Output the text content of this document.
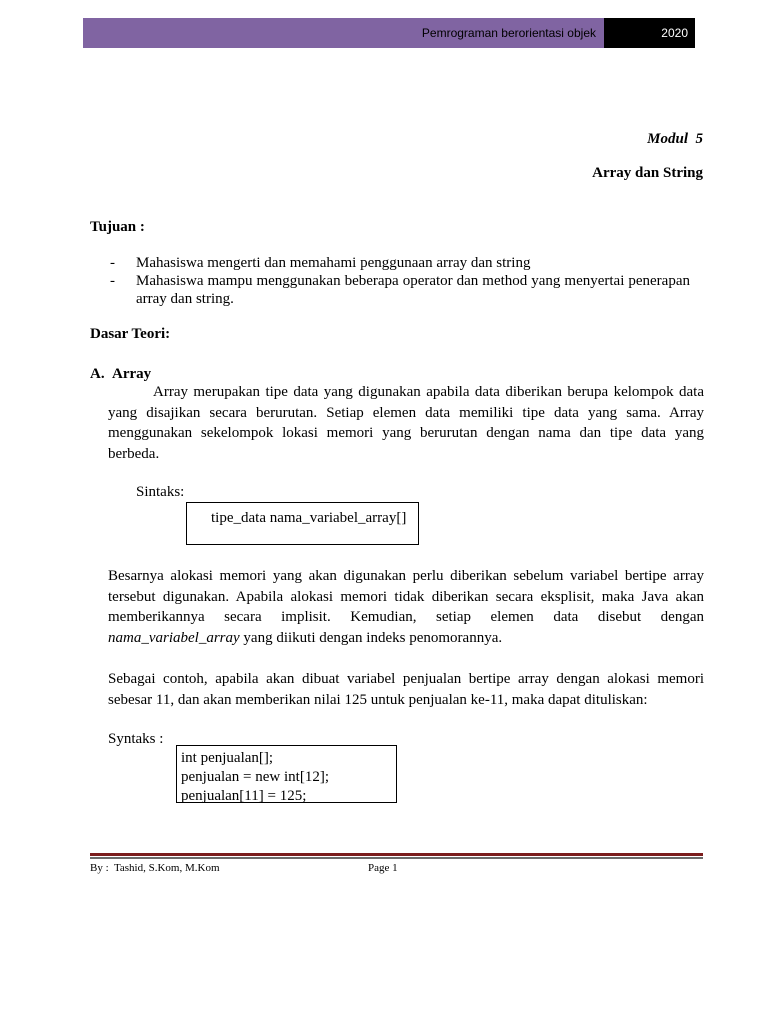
Pemrograman berorientasi objek	2020
Modul  5
Array dan String
Tujuan :
-	Mahasiswa mengerti dan memahami penggunaan array dan string
-	Mahasiswa mampu menggunakan beberapa operator dan method yang menyertai penerapan array dan string.
Dasar Teori:
A. Array
Array merupakan tipe data yang digunakan apabila data diberikan berupa kelompok data yang disajikan secara berurutan. Setiap elemen data memiliki tipe data yang sama. Array menggunakan sekelompok lokasi memori yang berurutan dengan nama dan tipe data yang berbeda.
Sintaks:
tipe_data nama_variabel_array[]
Besarnya alokasi memori yang akan digunakan perlu diberikan sebelum variabel bertipe array tersebut digunakan. Apabila alokasi memori tidak diberikan secara eksplisit, maka Java akan memberikannya secara implisit. Kemudian, setiap elemen data disebut dengan nama_variabel_array yang diikuti dengan indeks penomorannya.
Sebagai contoh, apabila akan dibuat variabel penjualan bertipe array dengan alokasi memori sebesar 11, dan akan memberikan nilai 125 untuk penjualan ke-11, maka dapat dituliskan:
Syntaks :
int penjualan[];
penjualan = new int[12];
penjualan[11] = 125;
By :  Tashid, S.Kom, M.Kom	Page 1
